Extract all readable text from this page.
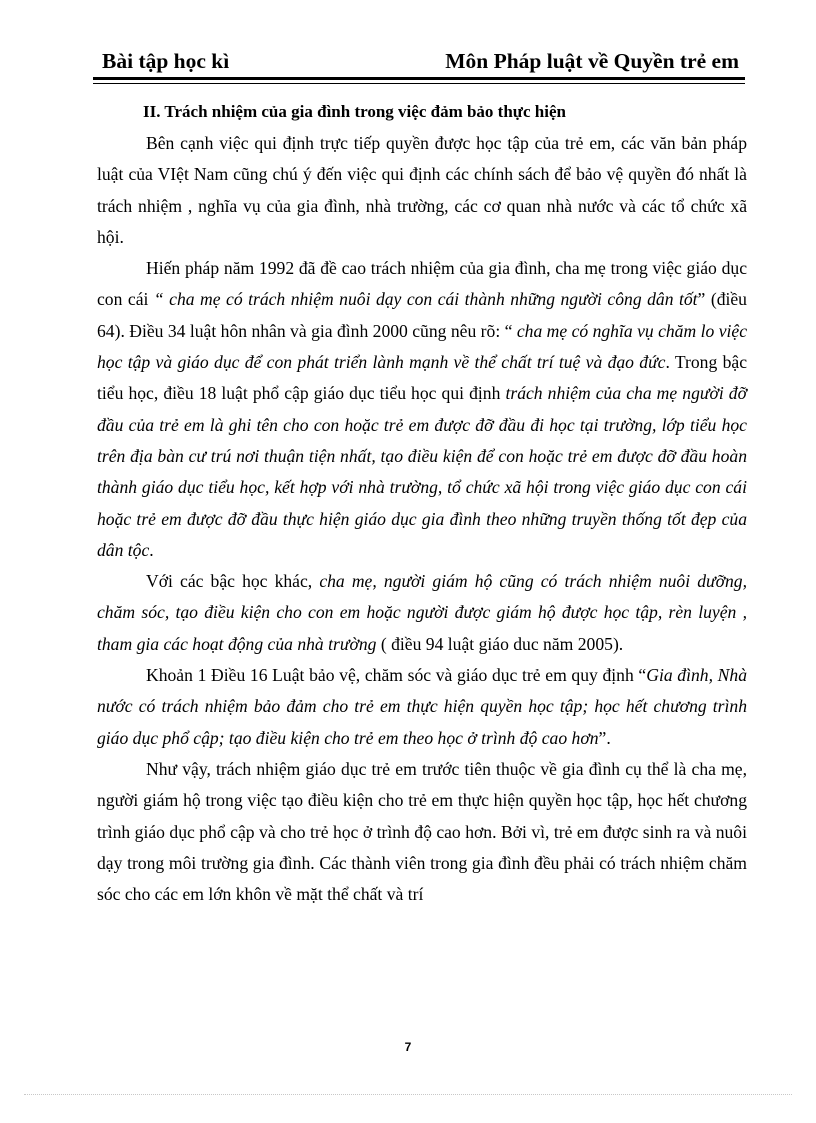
Bài tập học kì	Môn Pháp luật về Quyền trẻ em

II. Trách nhiệm của gia đình trong việc đảm bảo thực hiện

Bên cạnh việc qui định trực tiếp quyền được học tập của trẻ em, các văn bản pháp luật của VIệt Nam cũng chú ý đến việc qui định các chính sách để bảo vệ quyền đó nhất là trách nhiệm , nghĩa vụ của gia đình, nhà trường, các cơ quan nhà nước và các tổ chức xã hội.

Hiến pháp năm 1992 đã đề cao trách nhiệm của gia đình, cha mẹ trong việc giáo dục con cái “ cha mẹ có trách nhiệm nuôi dạy con cái thành những người công dân tốt” (điều 64). Điều 34 luật hôn nhân và gia đình 2000 cũng nêu rõ: “ cha mẹ có nghĩa vụ chăm lo việc học tập và giáo dục để con phát triển lành mạnh về thể chất trí tuệ và đạo đức. Trong bậc tiểu học, điều 18 luật phổ cập giáo dục tiểu học qui định trách nhiệm của cha mẹ người đỡ đầu của trẻ em là ghi tên cho con hoặc trẻ em được đỡ đầu đi học tại trường, lớp tiểu học trên địa bàn cư trú nơi thuận tiện nhất, tạo điều kiện để con hoặc trẻ em được đỡ đầu hoàn thành giáo dục tiểu học, kết hợp với nhà trường, tổ chức xã hội trong việc giáo dục con cái hoặc trẻ em được đỡ đầu thực hiện giáo dục gia đình theo những truyền thống tốt đẹp của dân tộc.

Với các bậc học khác, cha mẹ, người giám hộ cũng có trách nhiệm nuôi dưỡng, chăm sóc, tạo điều kiện cho con em hoặc người được giám hộ được học tập, rèn luyện , tham gia các hoạt động của nhà trường ( điều 94 luật giáo duc năm 2005).

Khoản 1 Điều 16 Luật bảo vệ, chăm sóc và giáo dục trẻ em quy định “Gia đình, Nhà nước có trách nhiệm bảo đảm cho trẻ em thực hiện quyền học tập; học hết chương trình giáo dục phổ cập; tạo điều kiện cho trẻ em theo học ở trình độ cao hơn”.

Như vậy, trách nhiệm giáo dục trẻ em trước tiên thuộc về gia đình cụ thể là cha mẹ, người giám hộ trong việc tạo điều kiện cho trẻ em thực hiện quyền học tập, học hết chương trình giáo dục phổ cập và cho trẻ học ở trình độ cao hơn. Bởi vì, trẻ em được sinh ra và nuôi dạy trong môi trường gia đình. Các thành viên trong gia đình đều phải có trách nhiệm chăm sóc cho các em lớn khôn về mặt thể chất và trí

7
